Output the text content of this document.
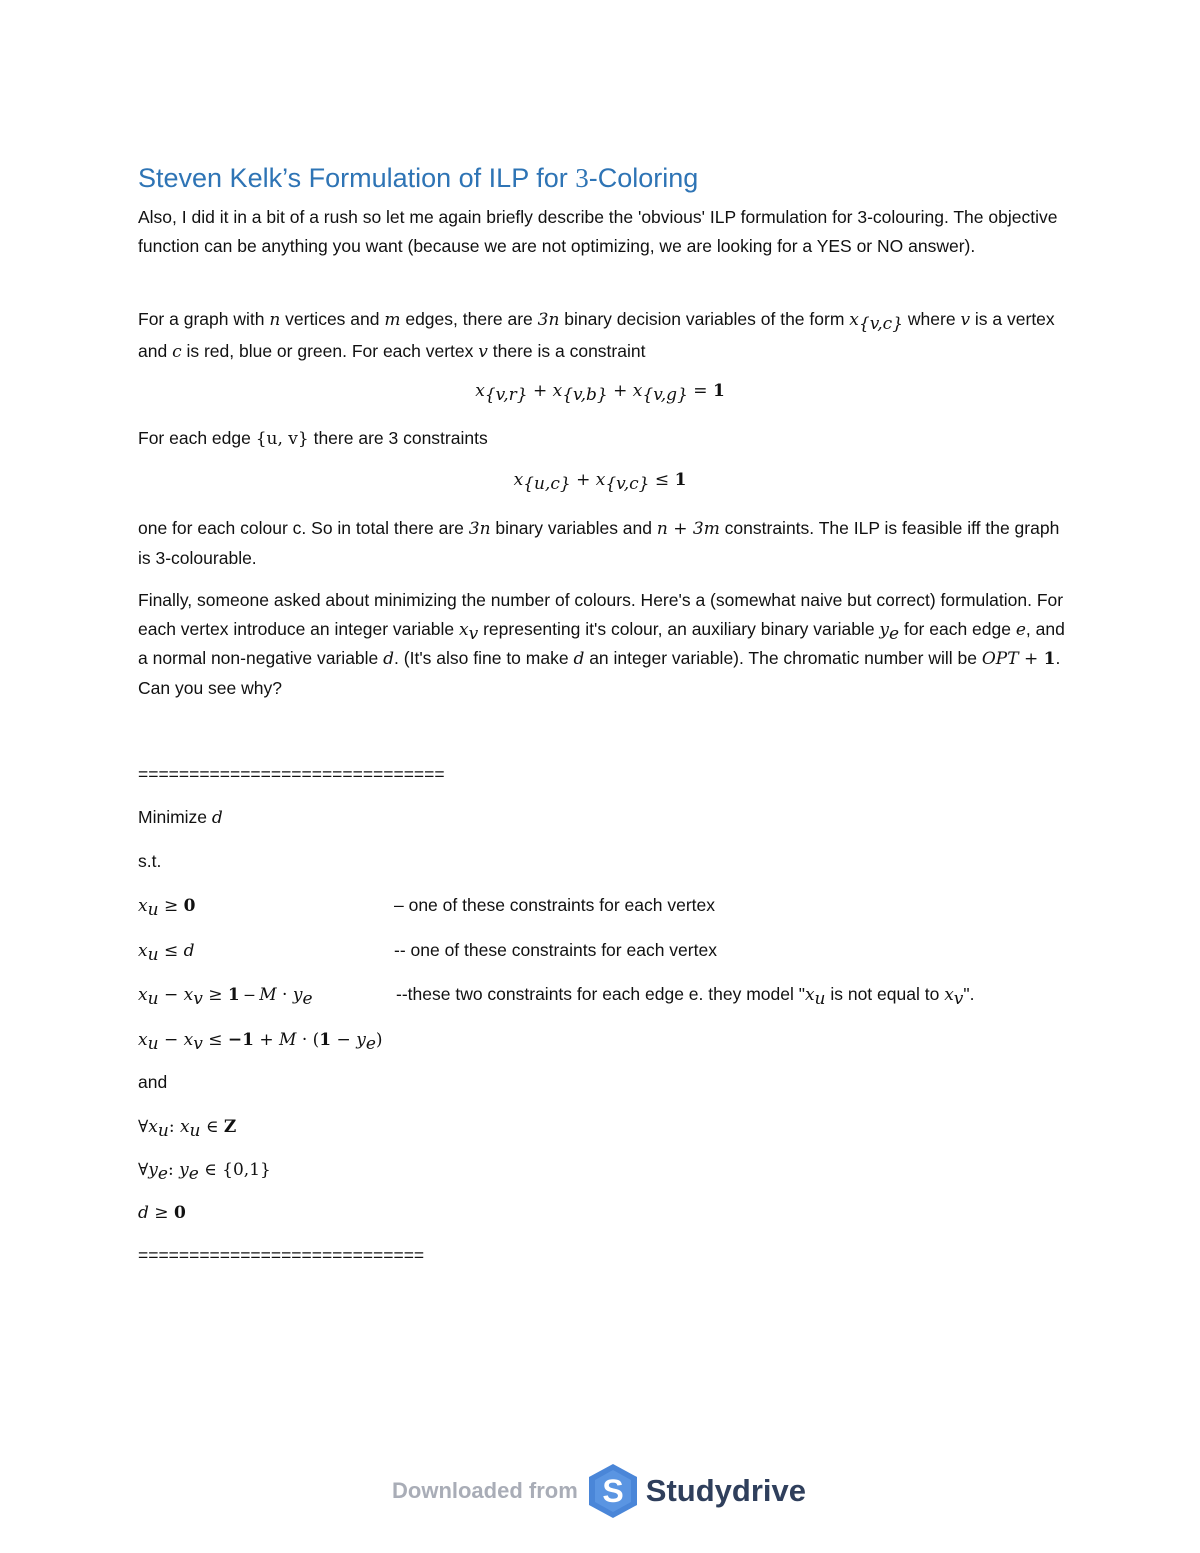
Steven Kelk’s Formulation of ILP for 3-Coloring

Also, I did it in a bit of a rush so let me again briefly describe the 'obvious' ILP formulation for 3-colouring. The objective function can be anything you want (because we are not optimizing, we are looking for a YES or NO answer).

For a graph with n vertices and m edges, there are 3n binary decision variables of the form $x_{\{v,c\}}$ where v is a vertex and c is red, blue or green. For each vertex v there is a constraint

$x_{\{v,r\}} + x_{\{v,b\}} + x_{\{v,g\}} = 1$

For each edge {u, v} there are 3 constraints

$x_{\{u,c\}} + x_{\{v,c\}} \le 1$

one for each colour c. So in total there are 3n binary variables and n + 3m constraints. The ILP is feasible iff the graph is 3-colourable.

Finally, someone asked about minimizing the number of colours. Here's a (somewhat naive but correct) formulation. For each vertex introduce an integer variable $x_v$ representing it's colour, an auxiliary binary variable $y_e$ for each edge e, and a normal non-negative variable d. (It's also fine to make d an integer variable). The chromatic number will be OPT + 1. Can you see why?

==============================
Minimize d
s.t.
$x_u \ge 0$	– one of these constraints for each vertex
$x_u \le d$	-- one of these constraints for each vertex
$x_u - x_v \ge 1 - M \cdot y_e$	--these two constraints for each edge e. they model "$x_u$ is not equal to $x_v$".
$x_u - x_v \le -1 + M \cdot (1 - y_e)$
and
$\forall x_u$: $x_u$ ∈ Z
$\forall y_e$: $y_e$ ∈ {0,1}
d ≥ 0
============================
Downloaded from S Studydrive
